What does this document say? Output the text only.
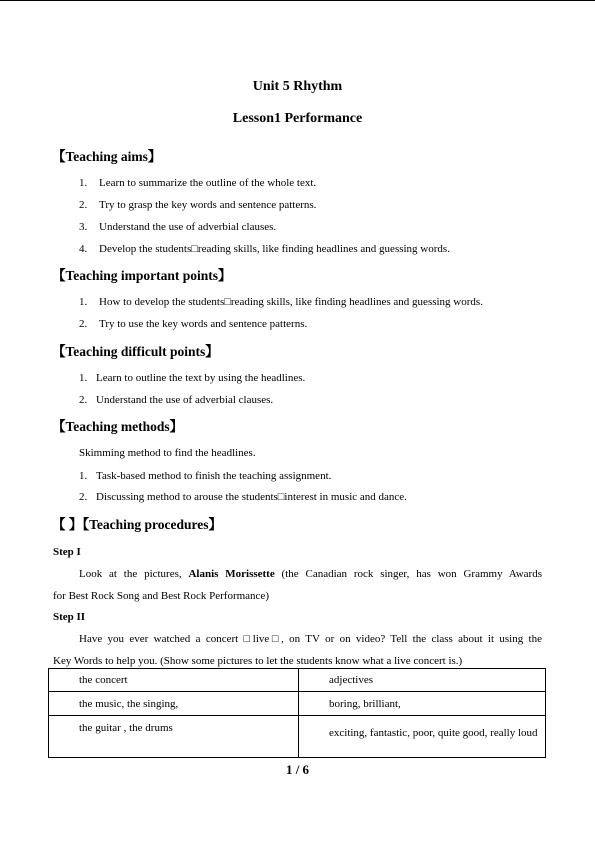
Unit 5 Rhythm
Lesson1 Performance
【Teaching aims】
1. Learn to summarize the outline of the whole text.
2. Try to grasp the key words and sentence patterns.
3. Understand the use of adverbial clauses.
4. Develop the students□reading skills, like finding headlines and guessing words.
【Teaching important points】
1. How to develop the students□reading skills, like finding headlines and guessing words.
2. Try to use the key words and sentence patterns.
【Teaching difficult points】
1. Learn to outline the text by using the headlines.
2. Understand the use of adverbial clauses.
【Teaching methods】
Skimming method to find the headlines.
1. Task-based method to finish the teaching assignment.
2. Discussing method to arouse the students□interest in music and dance.
【 】【Teaching procedures】
Step I
Look at the pictures, Alanis Morissette (the Canadian rock singer, has won Grammy Awards
for Best Rock Song and Best Rock Performance)
Step II
Have you ever watched a concert □live□, on TV or on video? Tell the class about it using the
Key Words to help you. (Show some pictures to let the students know what a live concert is.)
the concert	adjectives
the music, the singing,	boring, brilliant,
the guitar , the drums	exciting, fantastic, poor, quite good, really loud
1 / 6
